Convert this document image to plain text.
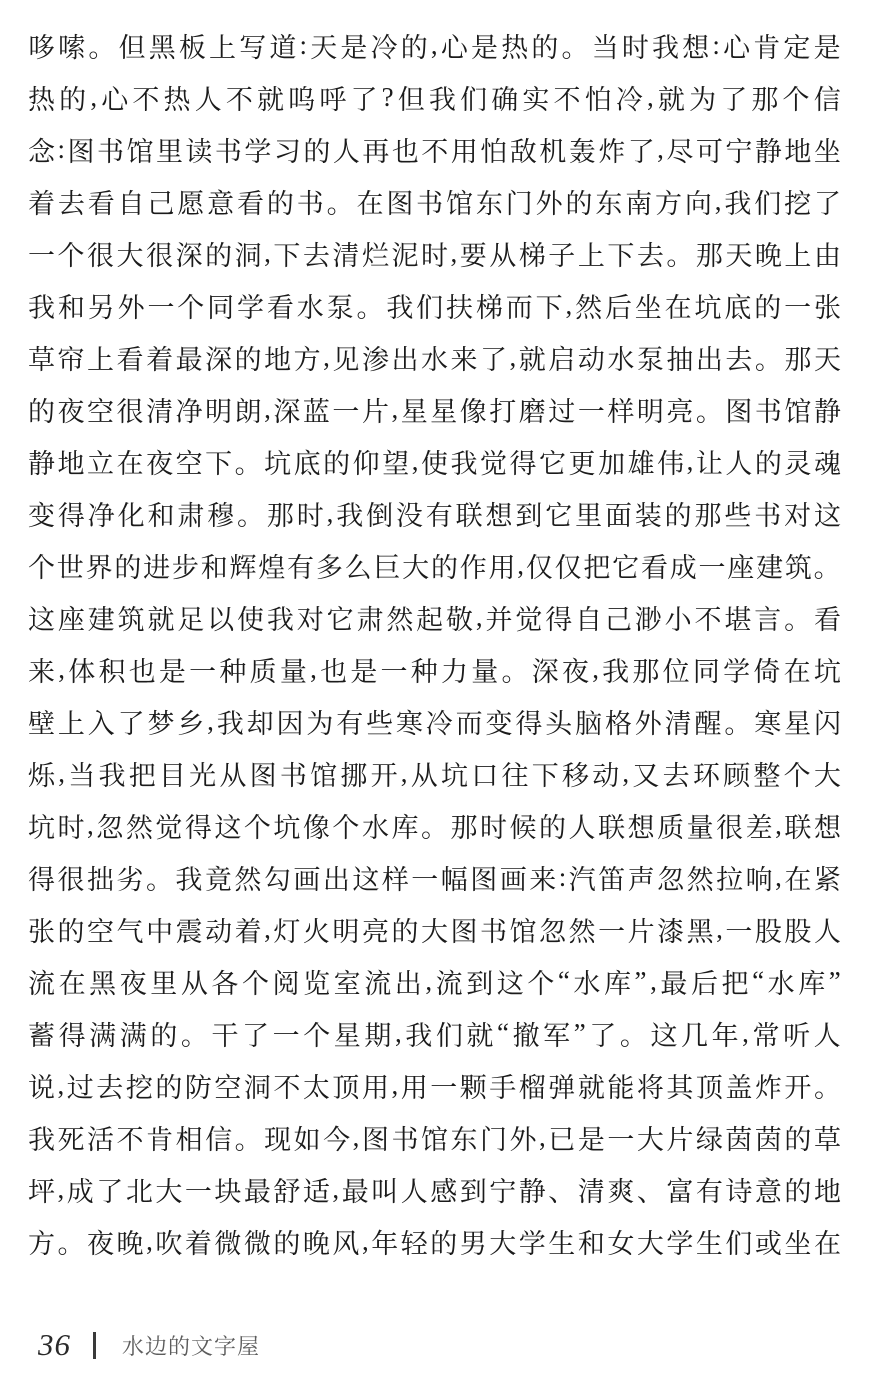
哆 嗦 。 但 黑 板 上 写 道 : 天 是 冷 的 , 心 是 热 的 。 当 时 我 想 : 心 肯 定 是
热 的 , 心 不 热 人 不 就 呜 呼 了 ? 但 我 们 确 实 不 怕 冷 , 就 为 了 那 个 信
念 : 图 书 馆 里 读 书 学 习 的 人 再 也 不 用 怕 敌 机 轰 炸 了 , 尽 可 宁 静 地 坐
着 去 看 自 己 愿 意 看 的 书 。 在 图 书 馆 东 门 外 的 东 南 方 向 , 我 们 挖 了
一 个 很 大 很 深 的 洞 , 下 去 清 烂 泥 时 , 要 从 梯 子 上 下 去 。 那 天 晚 上 由
我 和 另 外 一 个 同 学 看 水 泵 。 我 们 扶 梯 而 下 , 然 后 坐 在 坑 底 的 一 张
草 帘 上 看 着 最 深 的 地 方 , 见 渗 出 水 来 了 , 就 启 动 水 泵 抽 出 去 。 那 天
的 夜 空 很 清 净 明 朗 , 深 蓝 一 片 , 星 星 像 打 磨 过 一 样 明 亮 。 图 书 馆 静
静 地 立 在 夜 空 下 。 坑 底 的 仰 望 , 使 我 觉 得 它 更 加 雄 伟 , 让 人 的 灵 魂
变 得 净 化 和 肃 穆 。 那 时 , 我 倒 没 有 联 想 到 它 里 面 装 的 那 些 书 对 这
个 世 界 的 进 步 和 辉 煌 有 多 么 巨 大 的 作 用 , 仅 仅 把 它 看 成 一 座 建 筑 。
这 座 建 筑 就 足 以 使 我 对 它 肃 然 起 敬 , 并 觉 得 自 己 渺 小 不 堪 言 。 看
来 , 体 积 也 是 一 种 质 量 , 也 是 一 种 力 量 。 深 夜 , 我 那 位 同 学 倚 在 坑
壁 上 入 了 梦 乡 , 我 却 因 为 有 些 寒 冷 而 变 得 头 脑 格 外 清 醒 。 寒 星 闪
烁 , 当 我 把 目 光 从 图 书 馆 挪 开 , 从 坑 口 往 下 移 动 , 又 去 环 顾 整 个 大
坑 时 , 忽 然 觉 得 这 个 坑 像 个 水 库 。 那 时 候 的 人 联 想 质 量 很 差 , 联 想
得 很 拙 劣 。 我 竟 然 勾 画 出 这 样 一 幅 图 画 来 : 汽 笛 声 忽 然 拉 响 , 在 紧
张 的 空 气 中 震 动 着 , 灯 火 明 亮 的 大 图 书 馆 忽 然 一 片 漆 黑 , 一 股 股 人
流 在 黑 夜 里 从 各 个 阅 览 室 流 出 , 流 到 这 个 “ 水 库 ” , 最 后 把 “ 水 库 ”
蓄 得 满 满 的 。 干 了 一 个 星 期 , 我 们 就 “ 撤 军 ” 了 。 这 几 年 , 常 听 人
说 , 过 去 挖 的 防 空 洞 不 太 顶 用 , 用 一 颗 手 榴 弹 就 能 将 其 顶 盖 炸 开 。
我 死 活 不 肯 相 信 。 现 如 今 , 图 书 馆 东 门 外 , 已 是 一 大 片 绿 茵 茵 的 草
坪 , 成 了 北 大 一 块 最 舒 适 , 最 叫 人 感 到 宁 静 、 清 爽 、 富 有 诗 意 的 地
方 。 夜 晚 , 吹 着 微 微 的 晚 风 , 年 轻 的 男 大 学 生 和 女 大 学 生 们 或 坐 在
36 水边的文字屋
